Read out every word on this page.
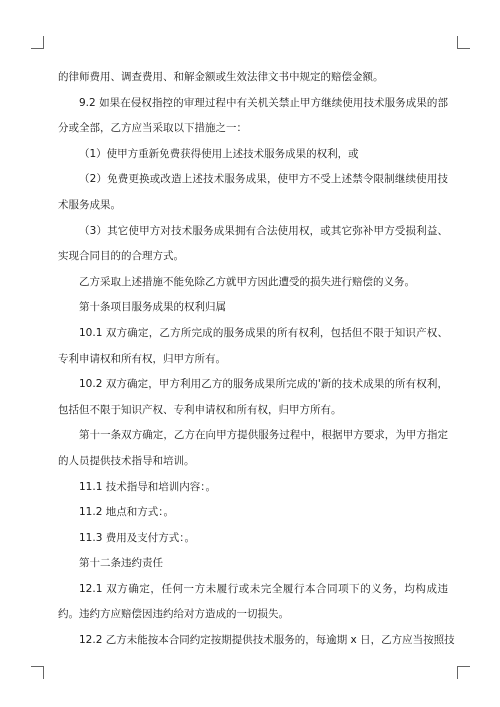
的律师费用、调查费用、和解金额或生效法律文书中规定的赔偿金额。

9.2 如果在侵权指控的审理过程中有关机关禁止甲方继续使用技术服务成果的部分或全部，乙方应当采取以下措施之一：

（1）使甲方重新免费获得使用上述技术服务成果的权利，或

（2）免费更换或改造上述技术服务成果，使甲方不受上述禁令限制继续使用技术服务成果。

（3）其它使甲方对技术服务成果拥有合法使用权，或其它弥补甲方受损利益、实现合同目的的合理方式。

乙方采取上述措施不能免除乙方就甲方因此遭受的损失进行赔偿的义务。

第十条项目服务成果的权利归属

10.1 双方确定，乙方所完成的服务成果的所有权利，包括但不限于知识产权、专利申请权和所有权，归甲方所有。

10.2 双方确定，甲方利用乙方的服务成果所完成的'新的技术成果的所有权利，包括但不限于知识产权、专利申请权和所有权，归甲方所有。

第十一条双方确定，乙方在向甲方提供服务过程中，根据甲方要求，为甲方指定的人员提供技术指导和培训。

11.1 技术指导和培训内容：。

11.2 地点和方式：。

11.3 费用及支付方式：。

第十二条违约责任

12.1 双方确定，任何一方未履行或未完全履行本合同项下的义务，均构成违约。违约方应赔偿因违约给对方造成的一切损失。

12.2 乙方未能按本合同约定按期提供技术服务的，每逾期 x 日，乙方应当按照技
